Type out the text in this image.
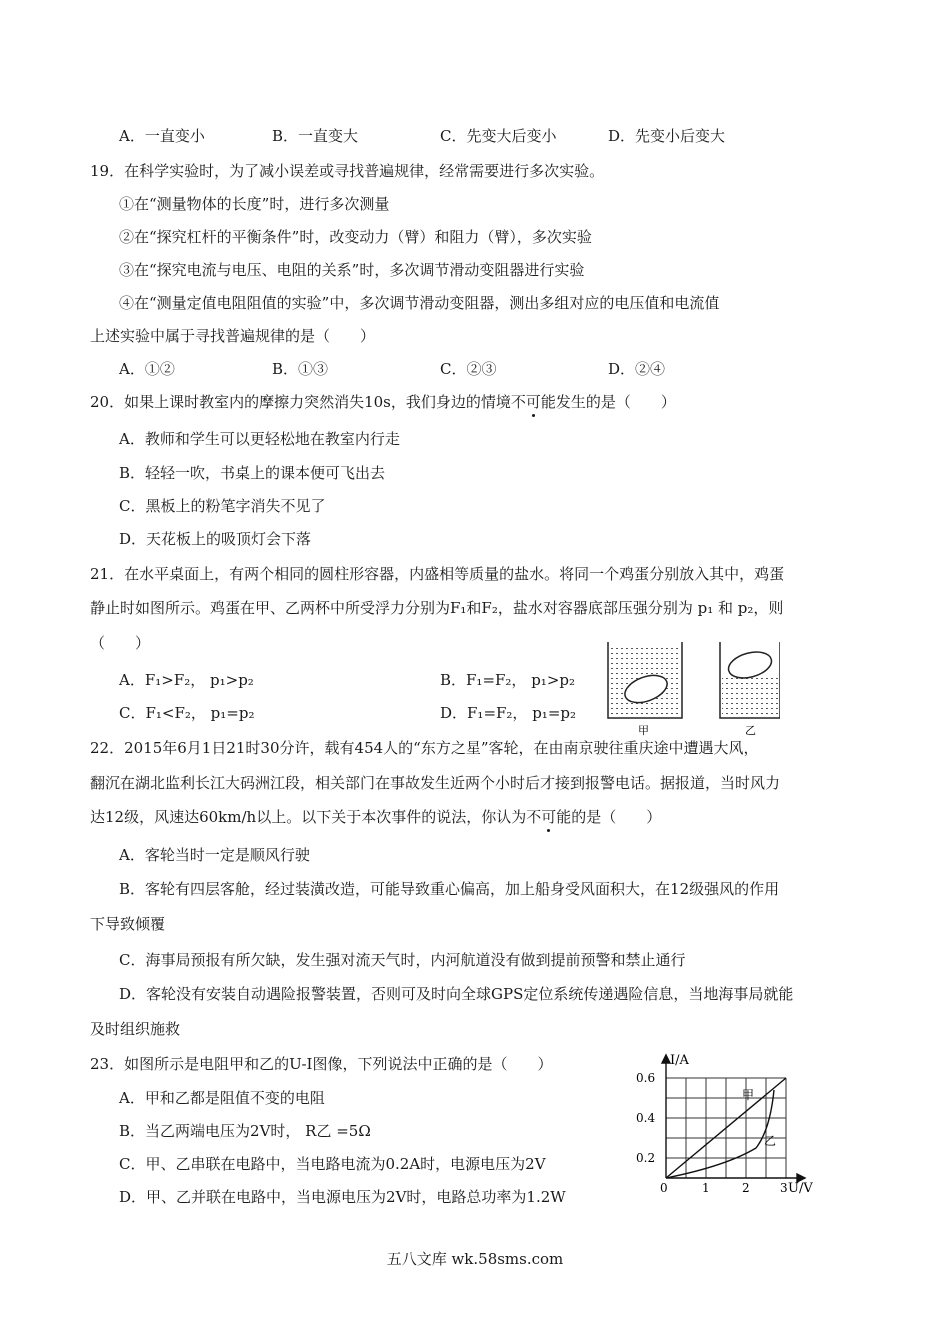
A．一直变小	B．一直变大	C．先变大后变小	D．先变小后变大
19．在科学实验时，为了减小误差或寻找普遍规律，经常需要进行多次实验。
①在“测量物体的长度”时，进行多次测量
②在“探究杠杆的平衡条件”时，改变动力（臂）和阻力（臂），多次实验
③在“探究电流与电压、电阻的关系”时，多次调节滑动变阻器进行实验
④在“测量定值电阻阻值的实验”中，多次调节滑动变阻器，测出多组对应的电压值和电流值
上述实验中属于寻找普遍规律的是（　　）
A．①②	B．①③	C．②③	D．②④
20．如果上课时教室内的摩擦力突然消失10s，我们身边的情境不可能发生的是（　　）
A．教师和学生可以更轻松地在教室内行走
B．轻轻一吹，书桌上的课本便可飞出去
C．黑板上的粉笔字消失不见了
D．天花板上的吸顶灯会下落
21．在水平桌面上，有两个相同的圆柱形容器，内盛相等质量的盐水。将同一个鸡蛋分别放入其中，鸡蛋
静止时如图所示。鸡蛋在甲、乙两杯中所受浮力分别为F₁和F₂，盐水对容器底部压强分别为 p₁ 和 p₂，则
（　　）
A．F₁>F₂， p₁>p₂	B．F₁=F₂， p₁>p₂
C．F₁<F₂， p₁=p₂	D．F₁=F₂， p₁=p₂
甲	乙
22．2015年6月1日21时30分许，载有454人的“东方之星”客轮，在由南京驶往重庆途中遭遇大风，
翻沉在湖北监利长江大码洲江段，相关部门在事故发生近两个小时后才接到报警电话。据报道，当时风力
达12级，风速达60km/h以上。以下关于本次事件的说法，你认为不可能的是（　　）
A．客轮当时一定是顺风行驶
B．客轮有四层客舱，经过装潢改造，可能导致重心偏高，加上船身受风面积大，在12级强风的作用
下导致倾覆
C．海事局预报有所欠缺，发生强对流天气时，内河航道没有做到提前预警和禁止通行
D．客轮没有安装自动遇险报警装置，否则可及时向全球GPS定位系统传递遇险信息，当地海事局就能
及时组织施救
23．如图所示是电阻甲和乙的U-I图像，下列说法中正确的是（　　）
A．甲和乙都是阻值不变的电阻
B．当乙两端电压为2V时， R乙 =5Ω
C．甲、乙串联在电路中，当电路电流为0.2A时，电源电压为2V
D．甲、乙并联在电路中，当电源电压为2V时，电路总功率为1.2W
I/A
U/V
0.6
0.4
0.2
0	1	2	3
甲
乙
五八文库 wk.58sms.com
